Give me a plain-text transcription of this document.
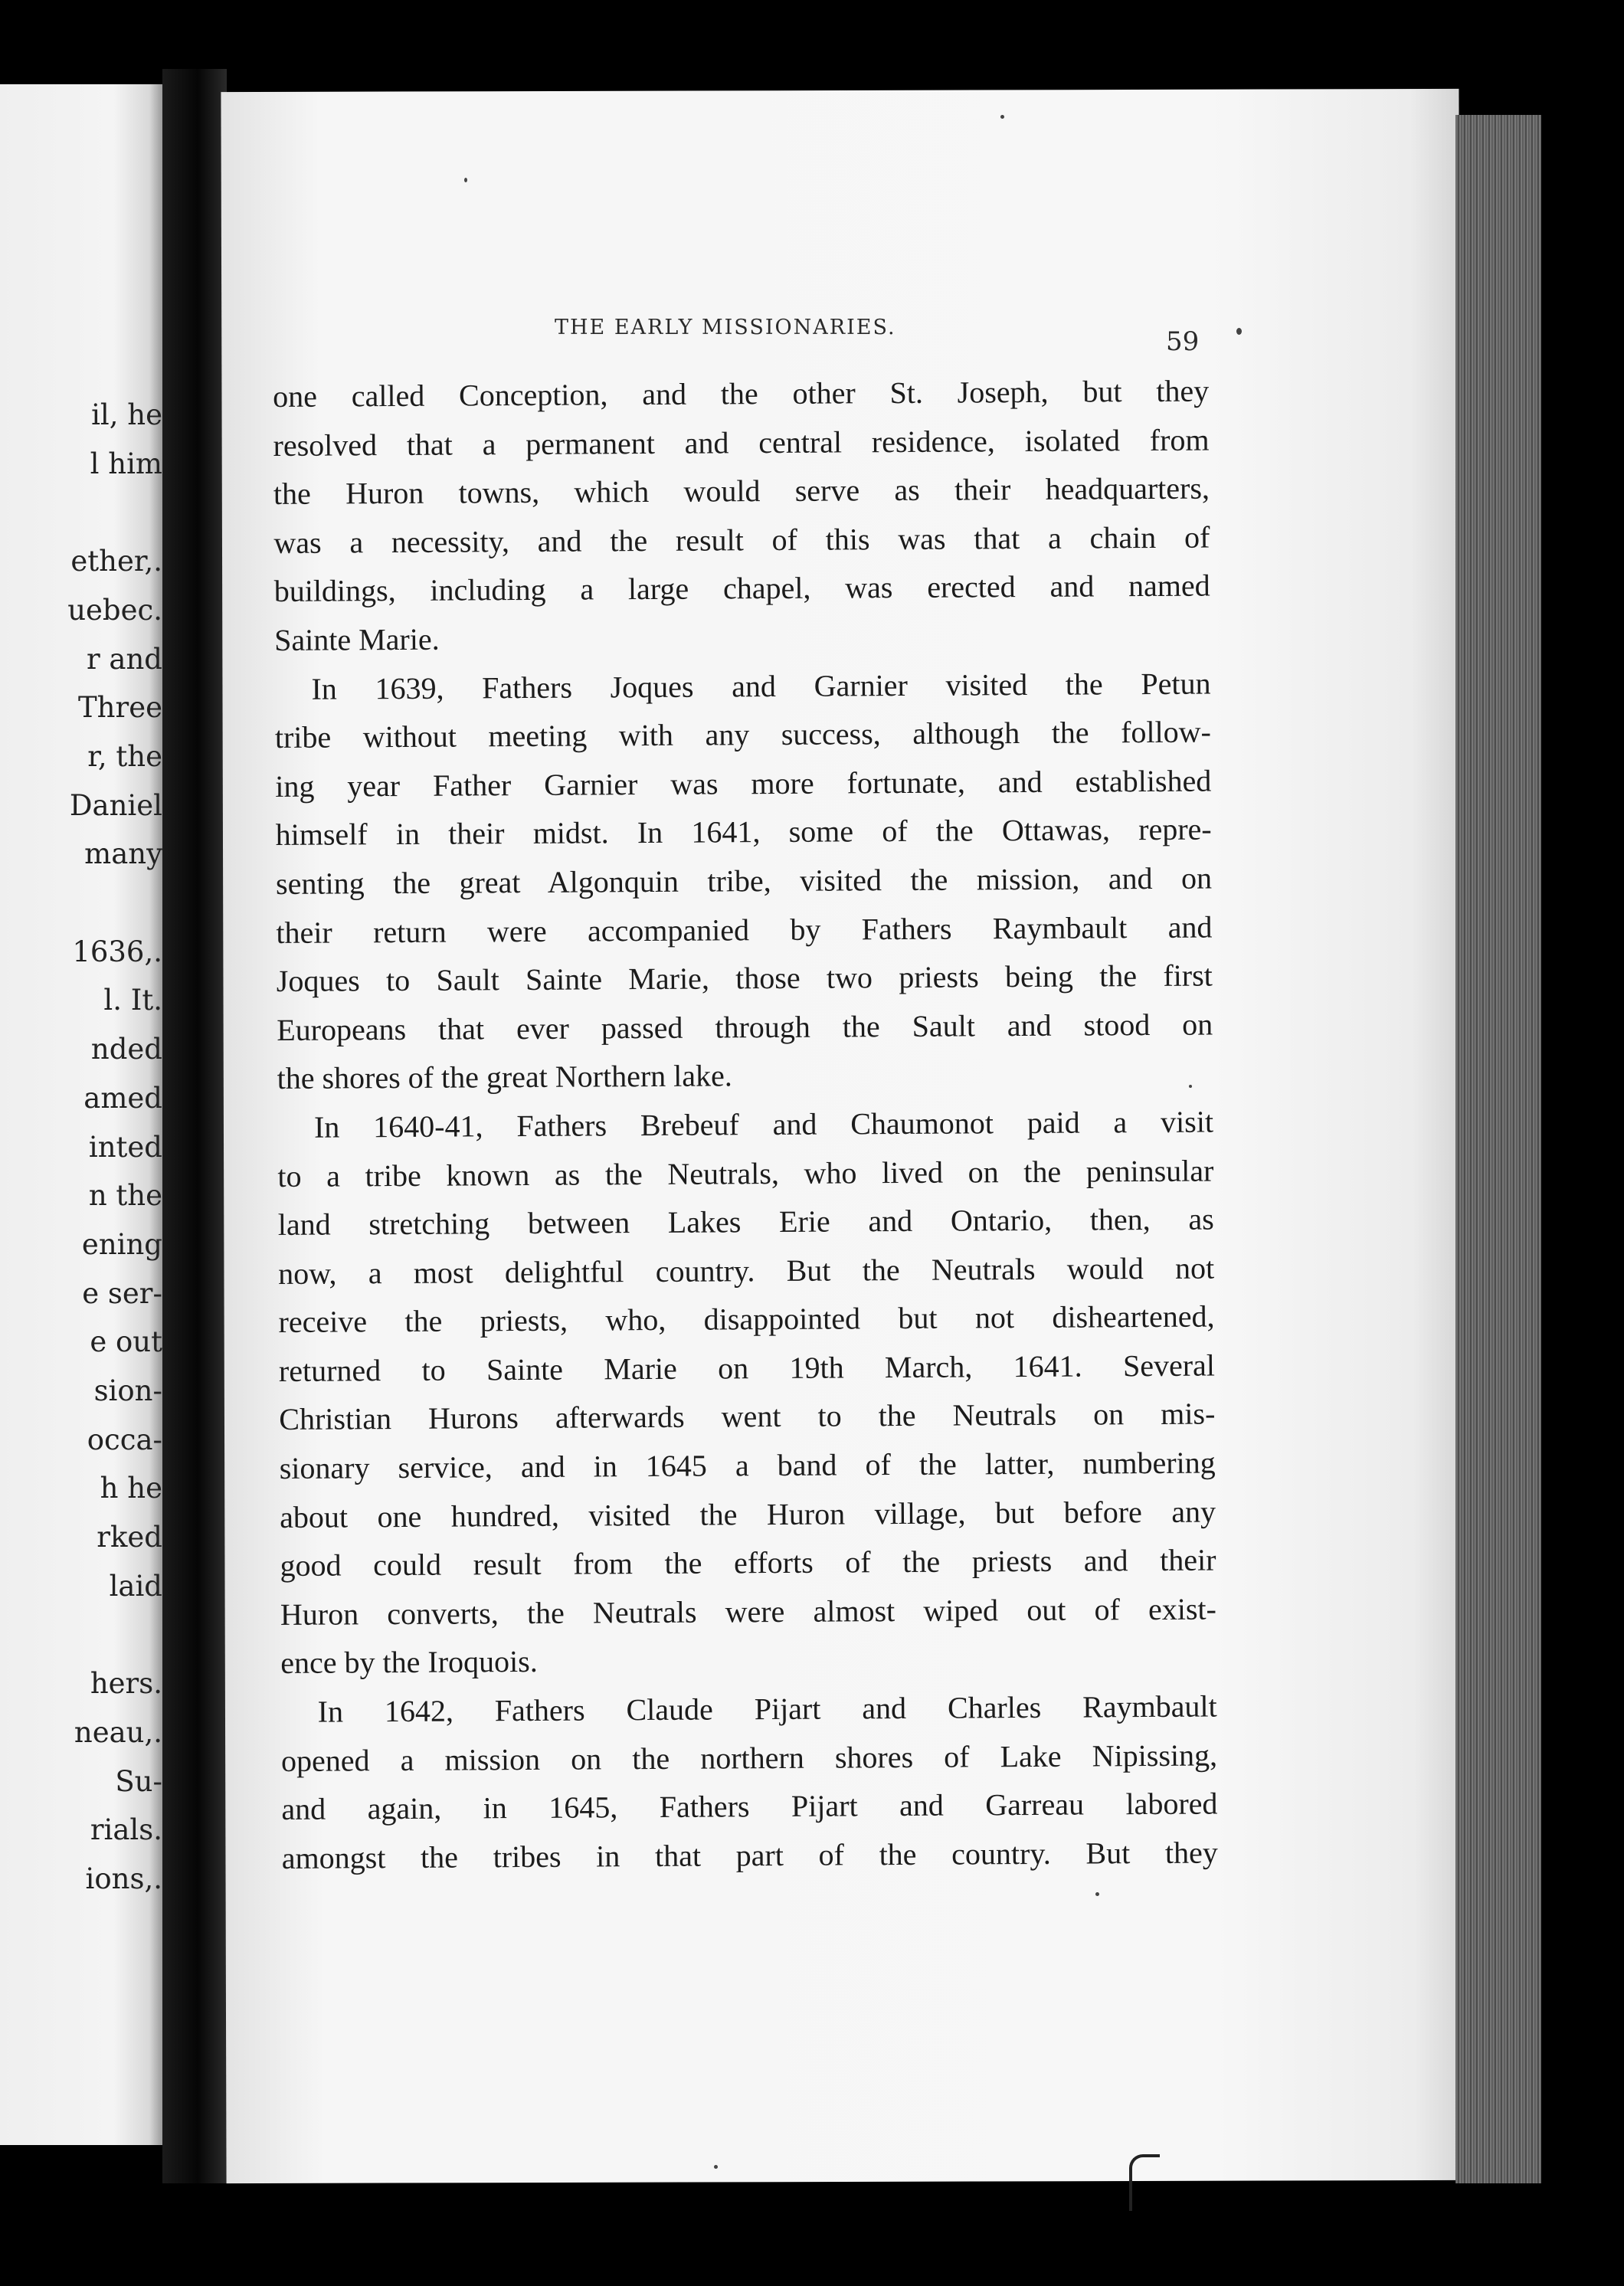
il, he
l him
ether,.
uebec.
r and
Three
r, the
Daniel
many
1636,.
l. It.
nded
amed
inted
n the
ening
e ser-
e out
sion-
occa-
h he
rked
laid
hers.
neau,.
Su-
rials.
ions,.
THE EARLY MISSIONARIES.	59
one called Conception, and the other St. Joseph, but they
resolved that a permanent and central residence, isolated from
the Huron towns, which would serve as their headquarters,
was a necessity, and the result of this was that a chain of
buildings, including a large chapel, was erected and named
Sainte Marie.
In 1639, Fathers Joques and Garnier visited the Petun
tribe without meeting with any success, although the follow-
ing year Father Garnier was more fortunate, and established
himself in their midst. In 1641, some of the Ottawas, repre-
senting the great Algonquin tribe, visited the mission, and on
their return were accompanied by Fathers Raymbault and
Joques to Sault Sainte Marie, those two priests being the first
Europeans that ever passed through the Sault and stood on
the shores of the great Northern lake.
In 1640-41, Fathers Brebeuf and Chaumonot paid a visit
to a tribe known as the Neutrals, who lived on the peninsular
land stretching between Lakes Erie and Ontario, then, as
now, a most delightful country. But the Neutrals would not
receive the priests, who, disappointed but not disheartened,
returned to Sainte Marie on 19th March, 1641. Several
Christian Hurons afterwards went to the Neutrals on mis-
sionary service, and in 1645 a band of the latter, numbering
about one hundred, visited the Huron village, but before any
good could result from the efforts of the priests and their
Huron converts, the Neutrals were almost wiped out of exist-
ence by the Iroquois.
In 1642, Fathers Claude Pijart and Charles Raymbault
opened a mission on the northern shores of Lake Nipissing,
and again, in 1645, Fathers Pijart and Garreau labored
amongst the tribes in that part of the country. But they
